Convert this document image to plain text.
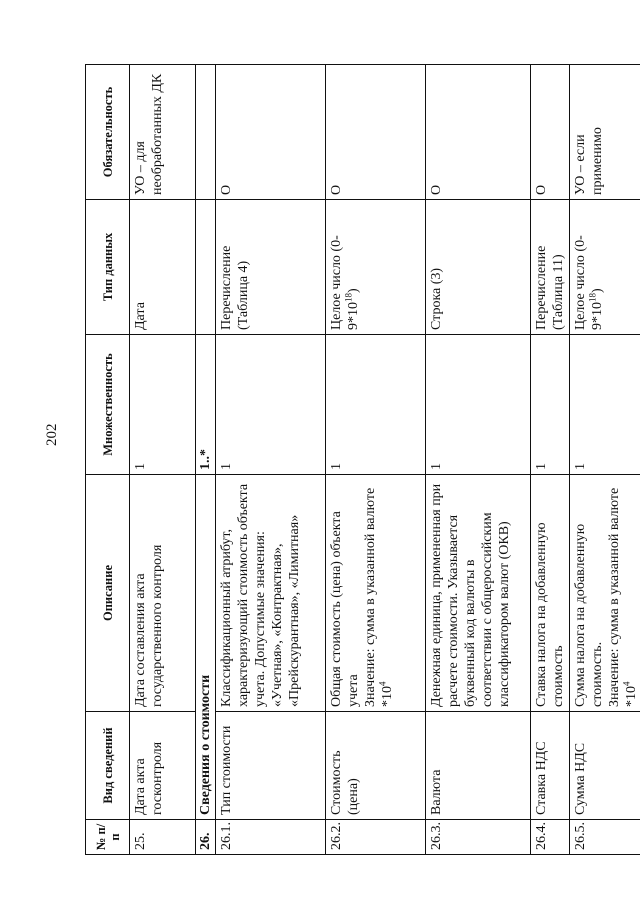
202
№ п/п	Вид сведений	Описание	Множественность	Тип данных	Обязательность
25.	Дата акта госконтроля	Дата составления акта государственного контроля	1	Дата	УО – для необработанных ДК
26.	Сведения о стоимости		1..*		
26.1.	Тип стоимости	Классификационный атрибут, характеризующий стоимость объекта учета. Допустимые значения: «Учетная», «Контрактная», «Прейскурантная», «Лимитная»	1	Перечисление (Таблица 4)	О
26.2.	Стоимость (цена)	Общая стоимость (цена) объекта учета Значение: сумма в указанной валюте $*10^4$	1	Целое число $(0-9*10^{18})$	О
26.3.	Валюта	Денежная единица, примененная при расчете стоимости. Указывается буквенный код валюты в соответствии с общероссийским классификатором валют (ОКВ)	1	Строка (3)	О
26.4.	Ставка НДС	Ставка налога на добавленную стоимость	1	Перечисление (Таблица 11)	О
26.5.	Сумма НДС	Сумма налога на добавленную стоимость. Значение: сумма в указанной валюте $*10^4$	1	Целое число $(0-9*10^{18})$	УО – если применимо
